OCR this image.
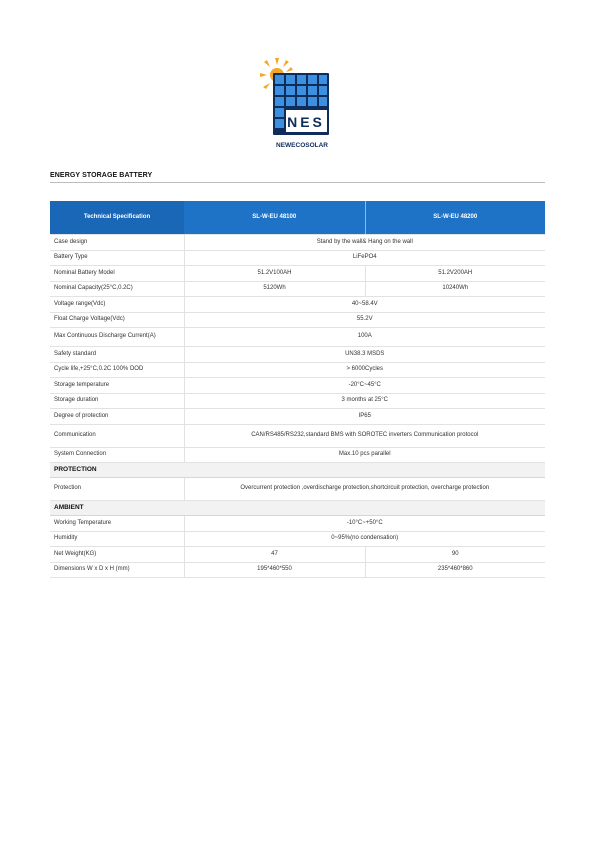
NES
NEWECOSOLAR
ENERGY STORAGE BATTERY
Technical Specification	SL-W-EU 48100	SL-W-EU 48200
Case design	Stand by the wall& Hang on the wall	
Battery Type	LiFePO4	
Nominal Battery Model	51.2V100AH	51.2V200AH
Nominal Capacity(25°C,0.2C)	5120Wh	10240Wh
Voltage range(Vdc)	40~58.4V	
Float Charge Voltage(Vdc)	55.2V	
Max Continuous Discharge Current(A)	100A	
Safety standard	UN38.3 MSDS	
Cycle life,+25°C,0.2C 100% DOD	> 6000Cycles	
Storage temperature	-20°C~45°C	
Storage duration	3 months at 25°C	
Degree of protection	IP65	
Communication	CAN/RS485/RS232,standard BMS with SOROTEC inverters Communication protocol	
System Connection	Max.10 pcs parallel	
PROTECTION		
Protection	Overcurrent protection ,overdischarge protection,shortcircuit protection, overcharge protection	
AMBIENT		
Working Temperature	-10°C~+50°C	
Humidity	0~95%(no condensation)	
Net Weight(KG)	47	90
Dimensions W x D x H (mm)	195*460*550	235*460*860
